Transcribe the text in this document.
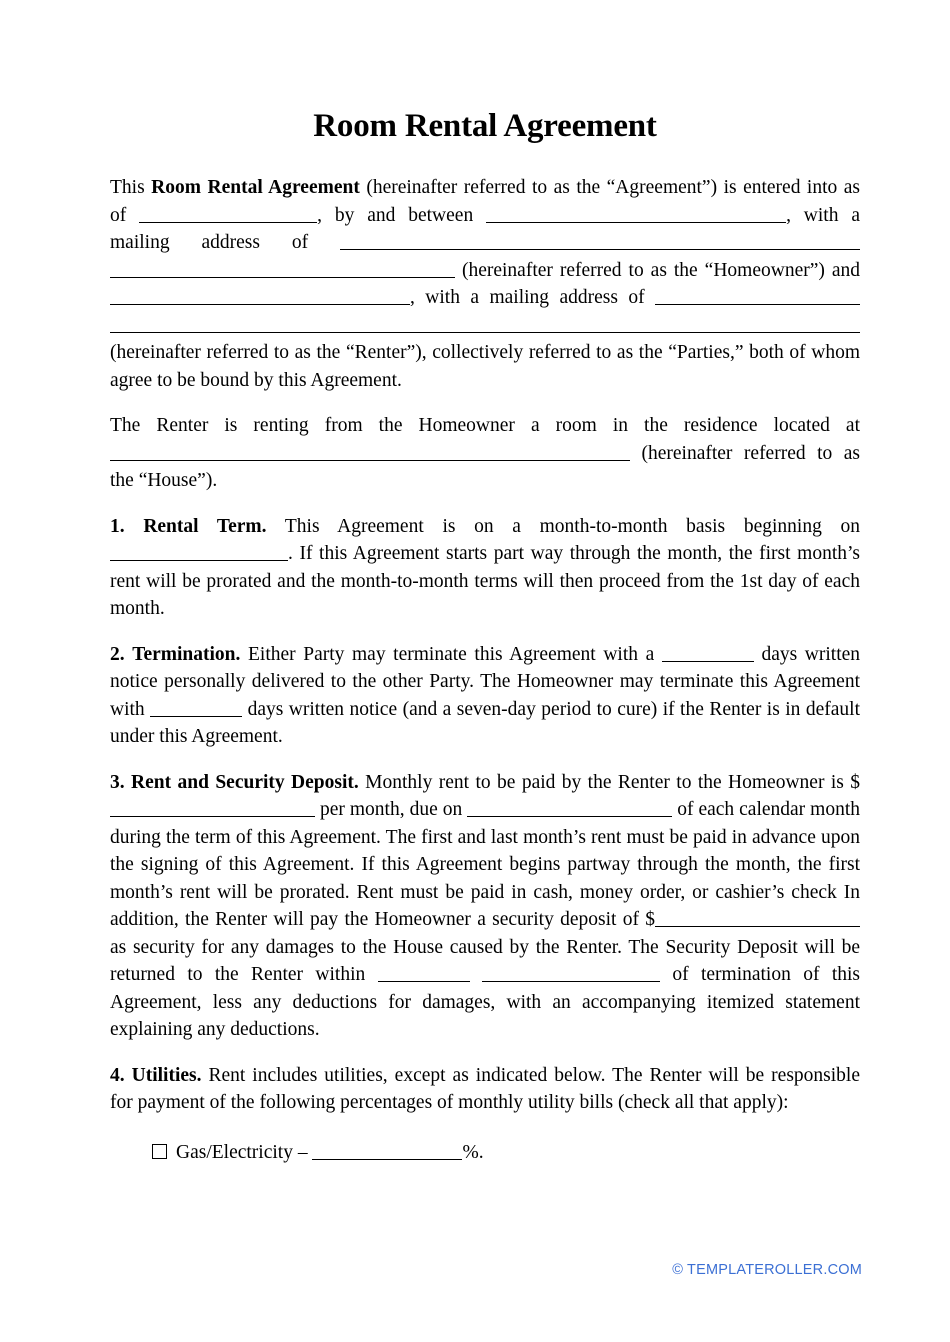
Room Rental Agreement

This Room Rental Agreement (hereinafter referred to as the “Agreement”) is entered into as of	, by and between	, with a mailing address of  (hereinafter referred to as the “Homeowner”) and , with a mailing address of (hereinafter referred to as the “Renter”), collectively referred to as the “Parties,” both of whom agree to be bound by this Agreement.

The Renter is renting from the Homeowner a room in the residence located at  (hereinafter referred to as the “House”).

1. Rental Term. This Agreement is on a month-to-month basis beginning on . If this Agreement starts part way through the month, the first month’s rent will be prorated and the month-to-month terms will then proceed from the 1st day of each month.

2. Termination. Either Party may terminate this Agreement with a	days written notice personally delivered to the other Party. The Homeowner may terminate this Agreement with	days written notice (and a seven-day period to cure) if the Renter is in default under this Agreement.

3. Rent and Security Deposit. Monthly rent to be paid by the Renter to the Homeowner is $ per month, due on	of each calendar month during the term of this Agreement. The first and last month’s rent must be paid in advance upon the signing of this Agreement. If this Agreement begins partway through the month, the first month’s rent will be prorated. Rent must be paid in cash, money order, or cashier’s check In addition, the Renter will pay the Homeowner a security deposit of $ as security for any damages to the House caused by the Renter. The Security Deposit will be returned to the Renter within	of termination of this Agreement, less any deductions for damages, with an accompanying itemized statement explaining any deductions.

4. Utilities. Rent includes utilities, except as indicated below. The Renter will be responsible for payment of the following percentages of monthly utility bills (check all that apply):

Gas/Electricity –	%.
© TEMPLATEROLLER.COM
